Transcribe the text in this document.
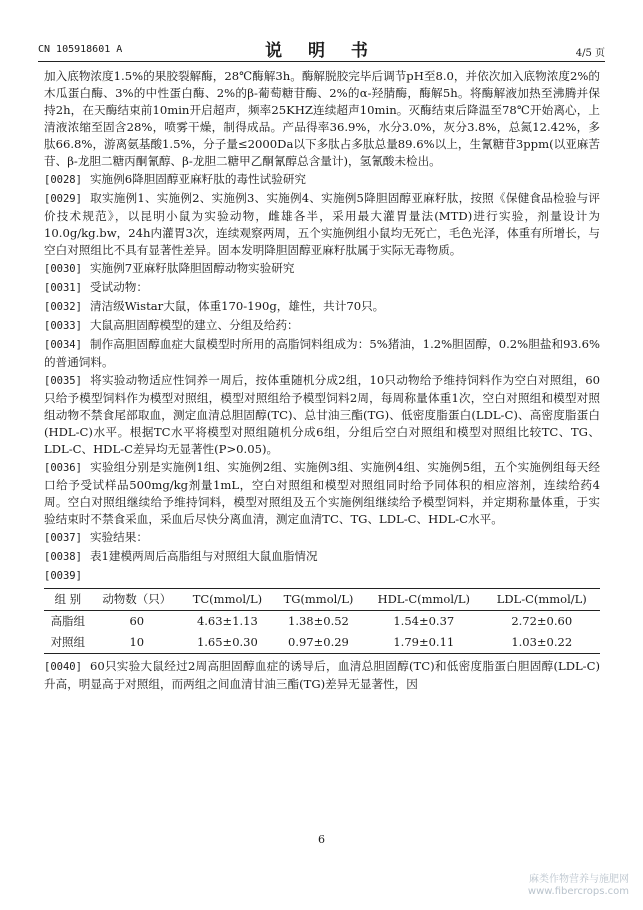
CN 105918601 A	说 明 书	4/5 页

加入底物浓度1.5%的果胶裂解酶，28℃酶解3h。酶解脱胶完毕后调节pH至8.0，并依次加入底物浓度2%的木瓜蛋白酶、3%的中性蛋白酶、2%的β-葡萄糖苷酶、2%的α-羟腈酶，酶解5h。将酶解液加热至沸腾并保持2h，在天酶结束前10min开启超声，频率25KHZ连续超声10min。灭酶结束后降温至78℃开始离心，上清液浓缩至固含28%，喷雾干燥，制得成品。产品得率36.9%，水分3.0%，灰分3.8%，总氮12.42%，多肽66.8%，游离氨基酸1.5%，分子量≤2000Da以下多肽占多肽总量89.6%以上，生氰糖苷3ppm(以亚麻苦苷、β-龙胆二糖丙酮氰醇、β-龙胆二糖甲乙酮氰醇总含量计)，氢氰酸未检出。

[0028] 实施例6降胆固醇亚麻籽肽的毒性试验研究

[0029] 取实施例1、实施例2、实施例3、实施例4、实施例5降胆固醇亚麻籽肽，按照《保健食品检验与评价技术规范》，以昆明小鼠为实验动物，雌雄各半，采用最大灌胃量法(MTD)进行实验，剂量设计为10.0g/kg.bw，24h内灌胃3次，连续观察两周，五个实施例组小鼠均无死亡，毛色光泽，体重有所增长，与空白对照组比不具有显著性差异。固本发明降胆固醇亚麻籽肽属于实际无毒物质。

[0030] 实施例7亚麻籽肽降胆固醇动物实验研究

[0031] 受试动物：

[0032] 清洁级Wistar大鼠，体重170-190g，雄性，共计70只。

[0033] 大鼠高胆固醇模型的建立、分组及给药：

[0034] 制作高胆固醇血症大鼠模型时所用的高脂饲料组成为：5%猪油，1.2%胆固醇，0.2%胆盐和93.6%的普通饲料。

[0035] 将实验动物适应性饲养一周后，按体重随机分成2组，10只动物给予维持饲料作为空白对照组，60只给予模型饲料作为模型对照组，模型对照组给予模型饲料2周，每周称量体重1次，空白对照组和模型对照组动物不禁食尾部取血，测定血清总胆固醇(TC)、总甘油三酯(TG)、低密度脂蛋白(LDL-C)、高密度脂蛋白(HDL-C)水平。根据TC水平将模型对照组随机分成6组，分组后空白对照组和模型对照组比较TC、TG、LDL-C、HDL-C差异均无显著性(P>0.05)。

[0036] 实验组分别是实施例1组、实施例2组、实施例3组、实施例4组、实施例5组，五个实施例组每天经口给予受试样品500mg/kg剂量1mL，空白对照组和模型对照组同时给予同体积的相应溶剂，连续给药4周。空白对照组继续给予维持饲料，模型对照组及五个实施例组继续给予模型饲料，并定期称量体重，于实验结束时不禁食采血，采血后尽快分离血清，测定血清TC、TG、LDL-C、HDL-C水平。

[0037] 实验结果：

[0038] 表1建模两周后高脂组与对照组大鼠血脂情况

[0039]

组 别	动物数（只）	TC(mmol/L)	TG(mmol/L)	HDL-C(mmol/L)	LDL-C(mmol/L)
高脂组	60	4.63±1.13	1.38±0.52	1.54±0.37	2.72±0.60
对照组	10	1.65±0.30	0.97±0.29	1.79±0.11	1.03±0.22

[0040] 60只实验大鼠经过2周高胆固醇血症的诱导后，血清总胆固醇(TC)和低密度脂蛋白胆固醇(LDL-C)升高，明显高于对照组，而两组之间血清甘油三酯(TG)差异无显著性，因

6
麻类作物营养与施肥网
www.fibercrops.com
